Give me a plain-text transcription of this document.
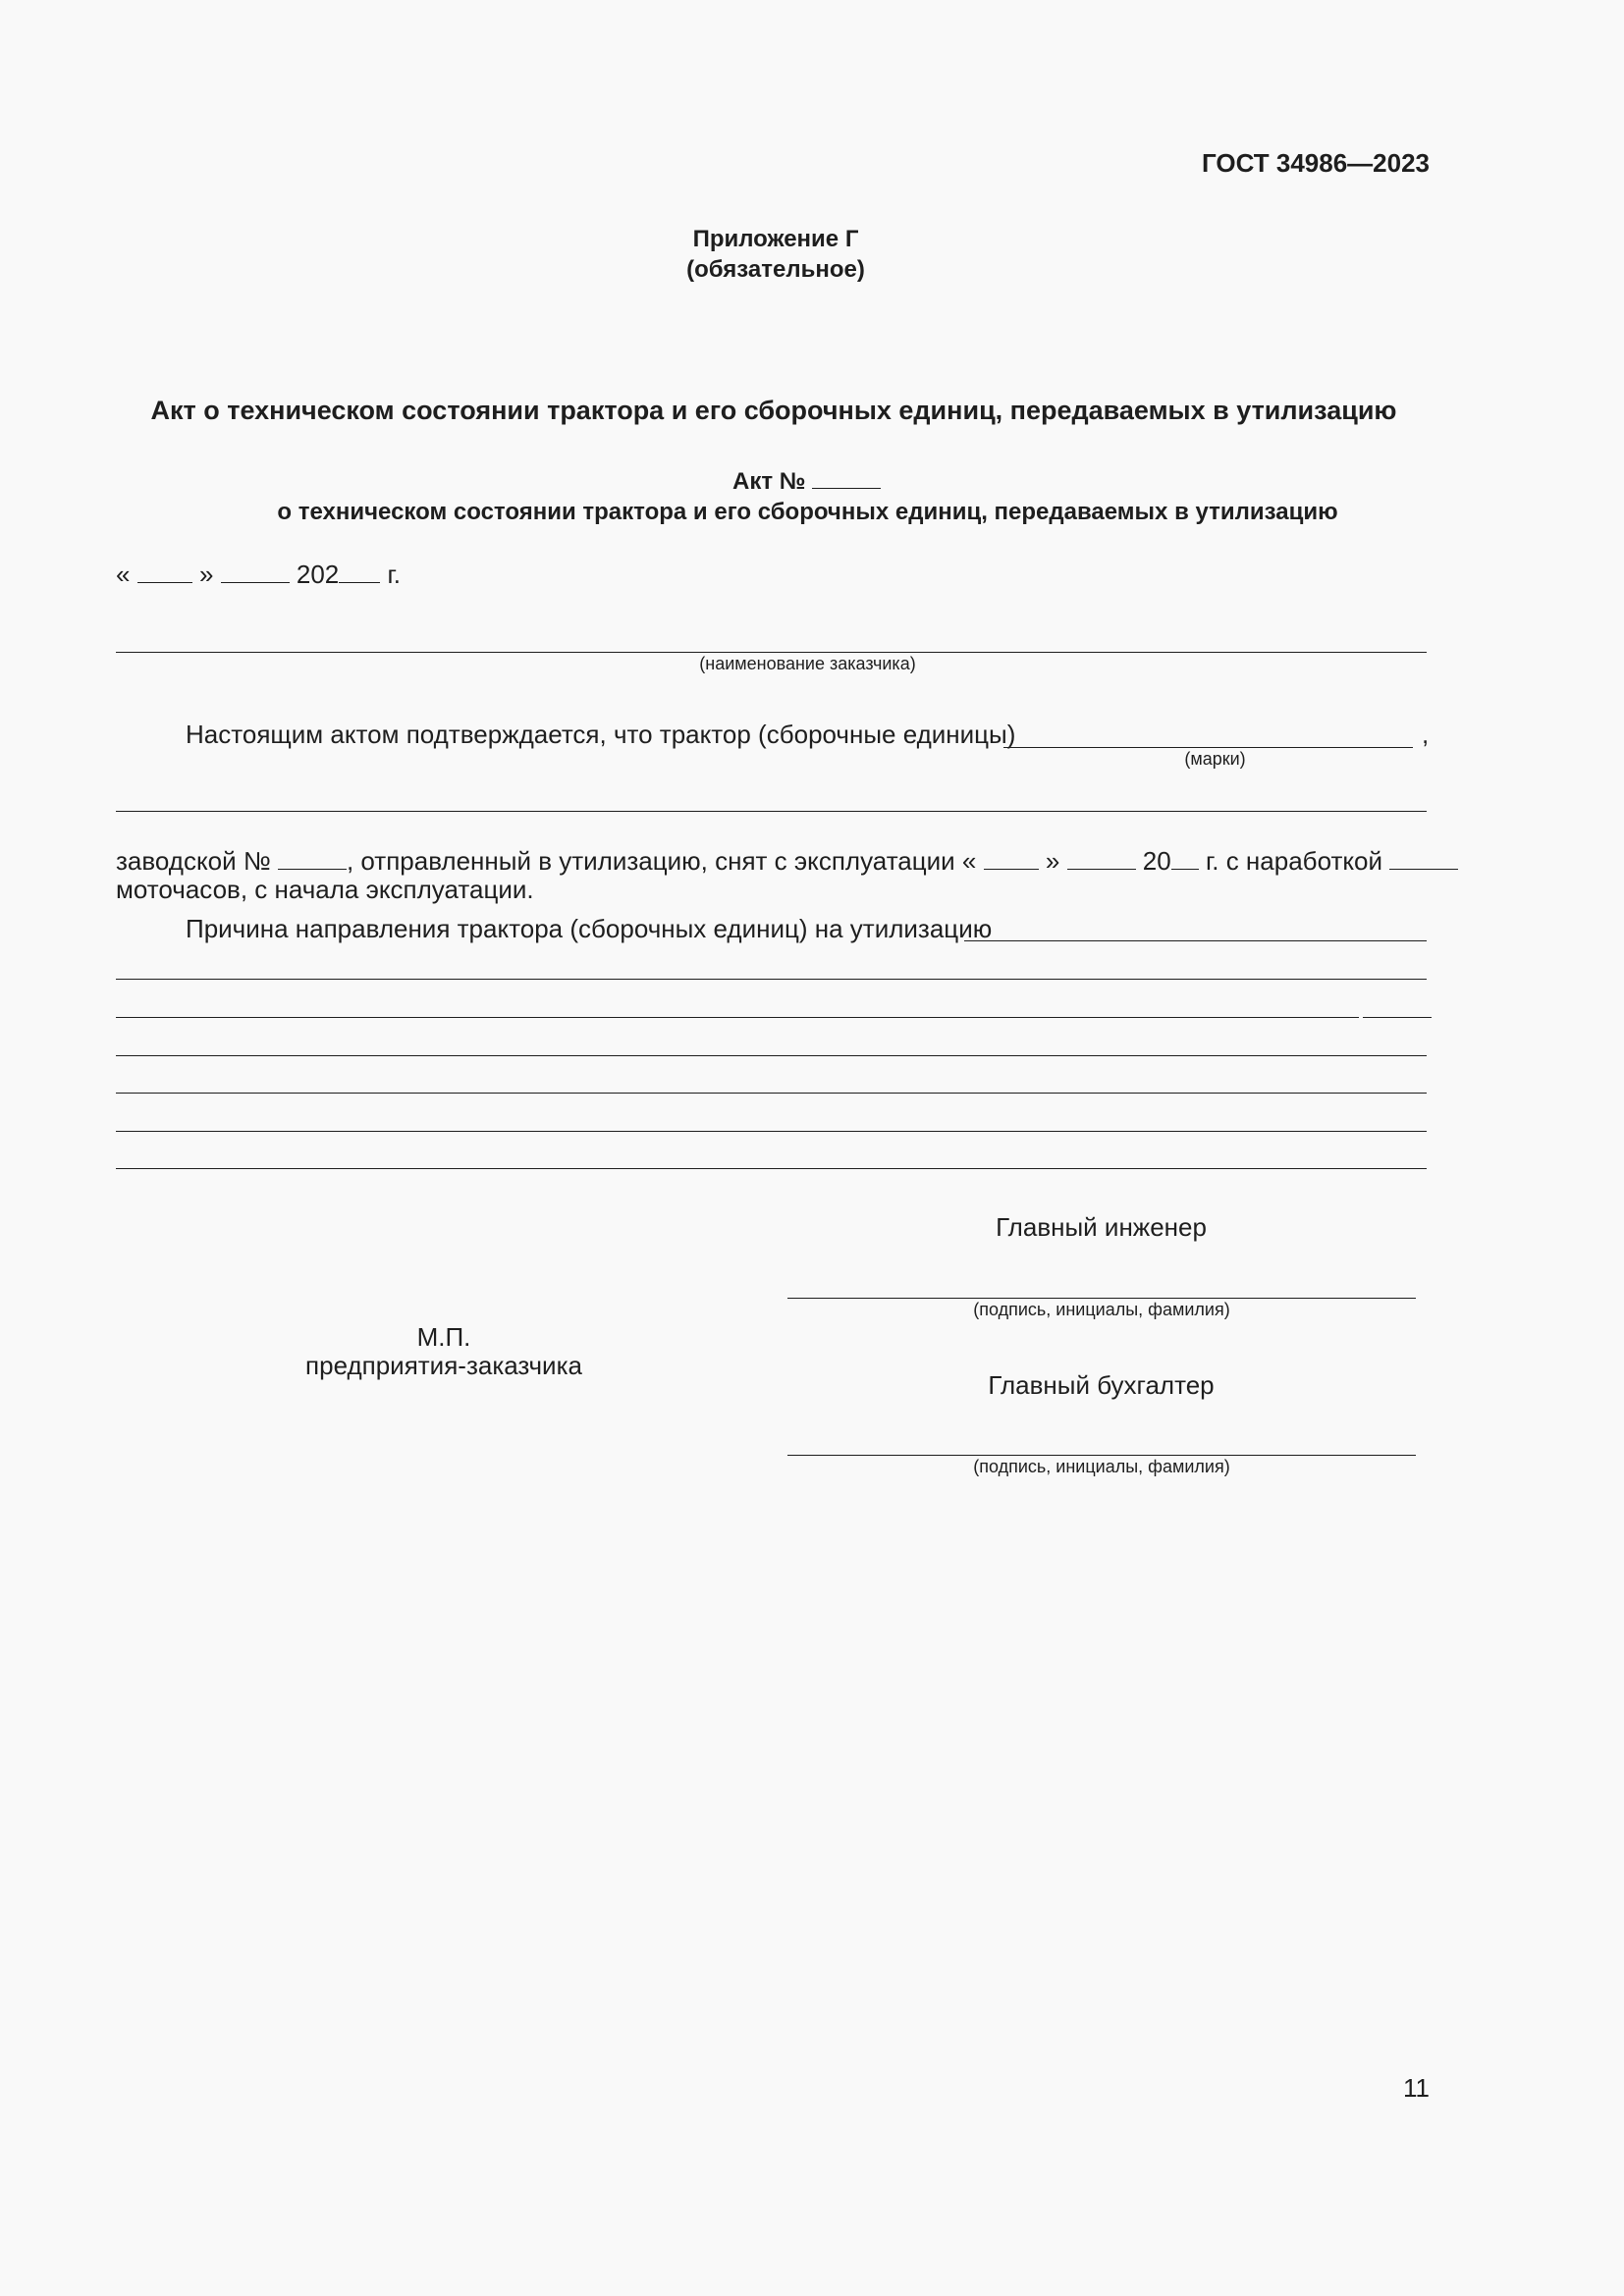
ГОСТ 34986—2023
Приложение Г
(обязательное)
Акт о техническом состоянии трактора и его сборочных единиц, передаваемых в утилизацию
Акт №
о техническом состоянии трактора и его сборочных единиц, передаваемых в утилизацию
«	»	202 г.
(наименование заказчика)
Настоящим актом подтверждается, что трактор (сборочные единицы)	,
(марки)
заводской №	, отправленный в утилизацию, снят с эксплуатации «	»	20 г. с наработкой
моточасов, с начала эксплуатации.
Причина направления трактора (сборочных единиц) на утилизацию
Главный инженер
(подпись, инициалы, фамилия)
Главный бухгалтер
(подпись, инициалы, фамилия)
М.П.
предприятия-заказчика
11
